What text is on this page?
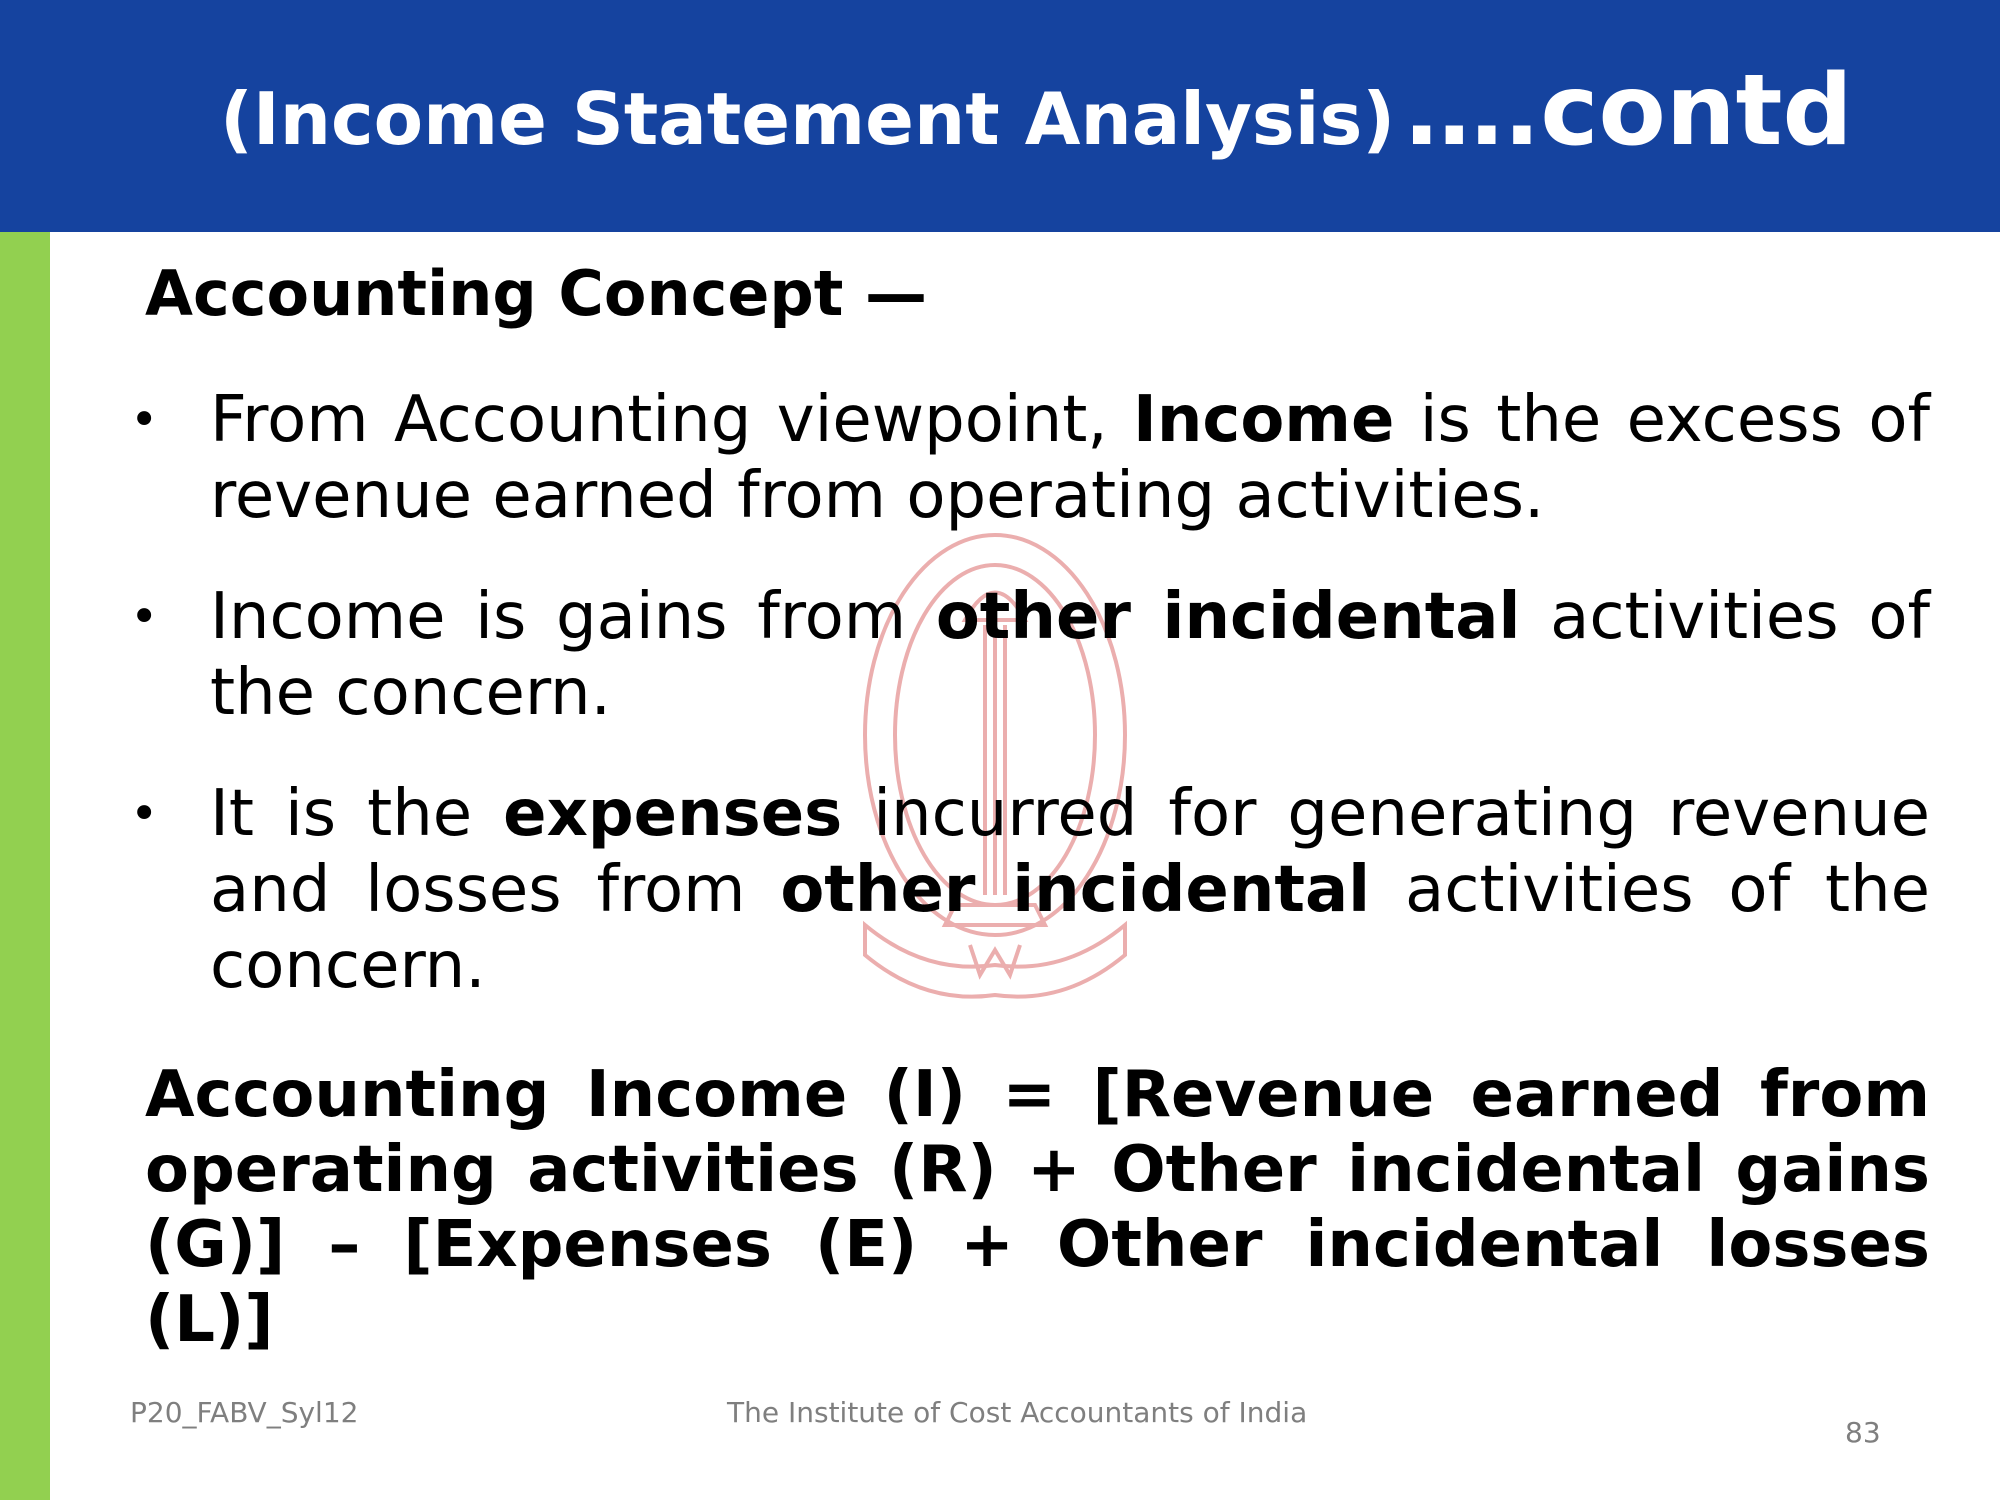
(Income Statement Analysis) ….contd
Accounting Concept —
• From Accounting viewpoint, Income is the excess of revenue earned from operating activities.
• Income is gains from other incidental activities of the concern.
• It is the expenses incurred for generating revenue and losses from other incidental activities of the concern.
Accounting Income (I) = [Revenue earned from operating activities (R) + Other incidental gains (G)] – [Expenses (E) + Other incidental losses (L)]
P20_FABV_Syl12	The Institute of Cost Accountants of India
83
